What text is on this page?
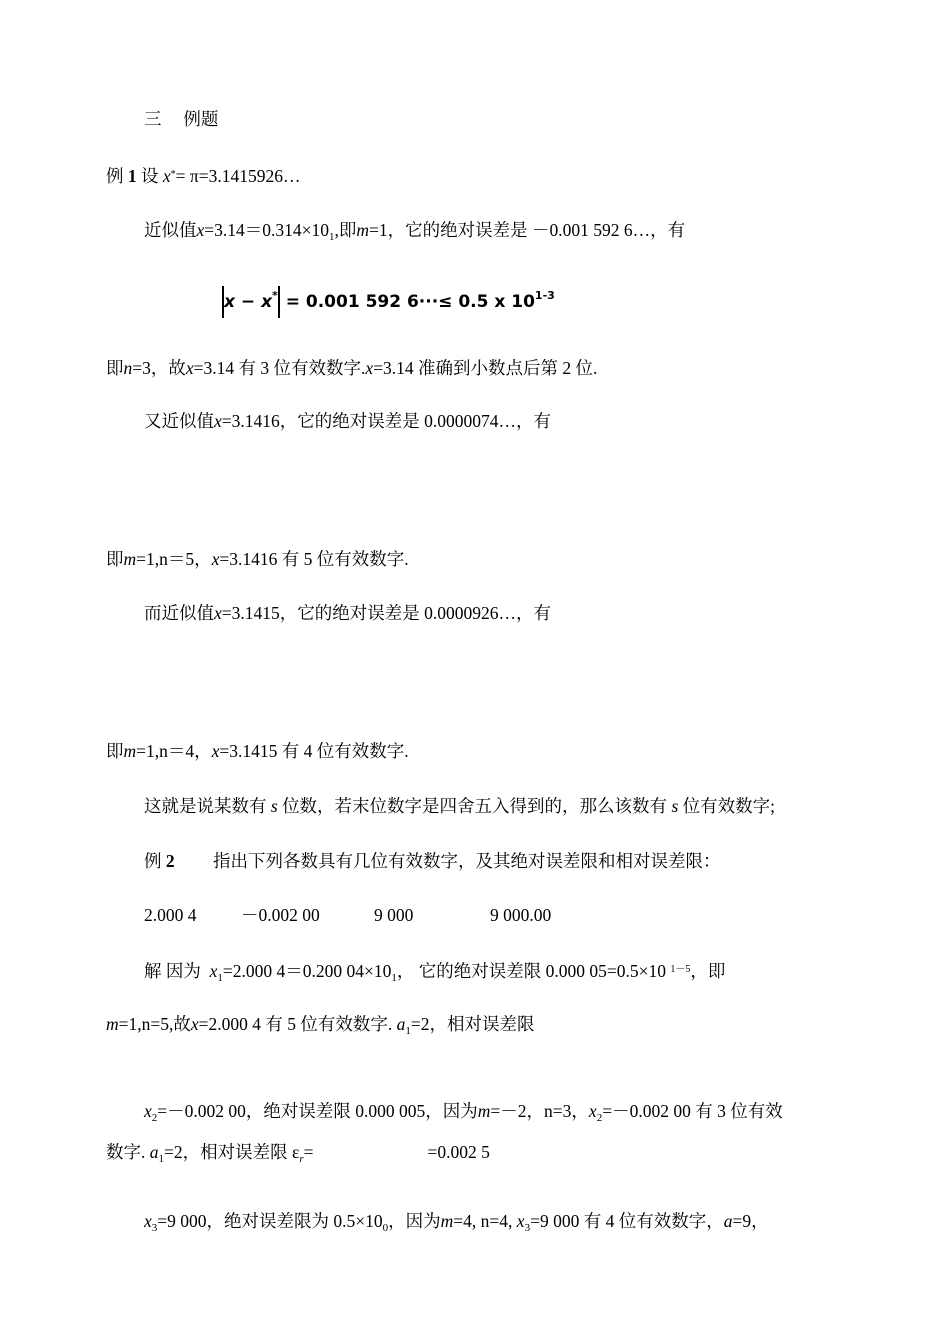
三 例题
例 1 设 x*= π=3.1415926…
近似值$x=3.14=0.314\times 10_1$,即m=1，它的绝对误差是 －0.001 592 6…，有
x − x* = 0.001 592 6···≤ 0.5 x 10$^{1-3}$
即n=3，故x=3.14 有 3 位有效数字.x=3.14 准确到小数点后第 2 位.
又近似值x=3.1416，它的绝对误差是 0.0000074…，有
即m=1,n＝5，x=3.1416 有 5 位有效数字.
而近似值x=3.1415，它的绝对误差是 0.0000926…，有
即m=1,n＝4，x=3.1415 有 4 位有效数字.
这就是说某数有 s 位数，若末位数字是四舍五入得到的，那么该数有 s 位有效数字;
例 2 指出下列各数具有几位有效数字，及其绝对误差限和相对误差限：
2.000 4	－0.002 00	9 000	9 000.00
解 因为 $x_1=2.000$ 4＝0.200 $04\times 10_1$， 它的绝对误差限 0.000 05=0.5×10 $^{1-5}$，即
m=1,n=5,故x=2.000 4 有 5 位有效数字. $a_1=2$，相对误差限
$x_2=-0.002$ 00，绝对误差限 0.000 005，因为m=－2，n=3，$x_2=-0.002$ 00 有 3 位有效
数字. $a_1=2$，相对误差限 $\varepsilon_r=$	=0.002 5
$x_3=9$ 000，绝对误差限为 $0.5\times 10_0$，因为m=4, n=4, $x_3=9$ 000 有 4 位有效数字，a=9，
